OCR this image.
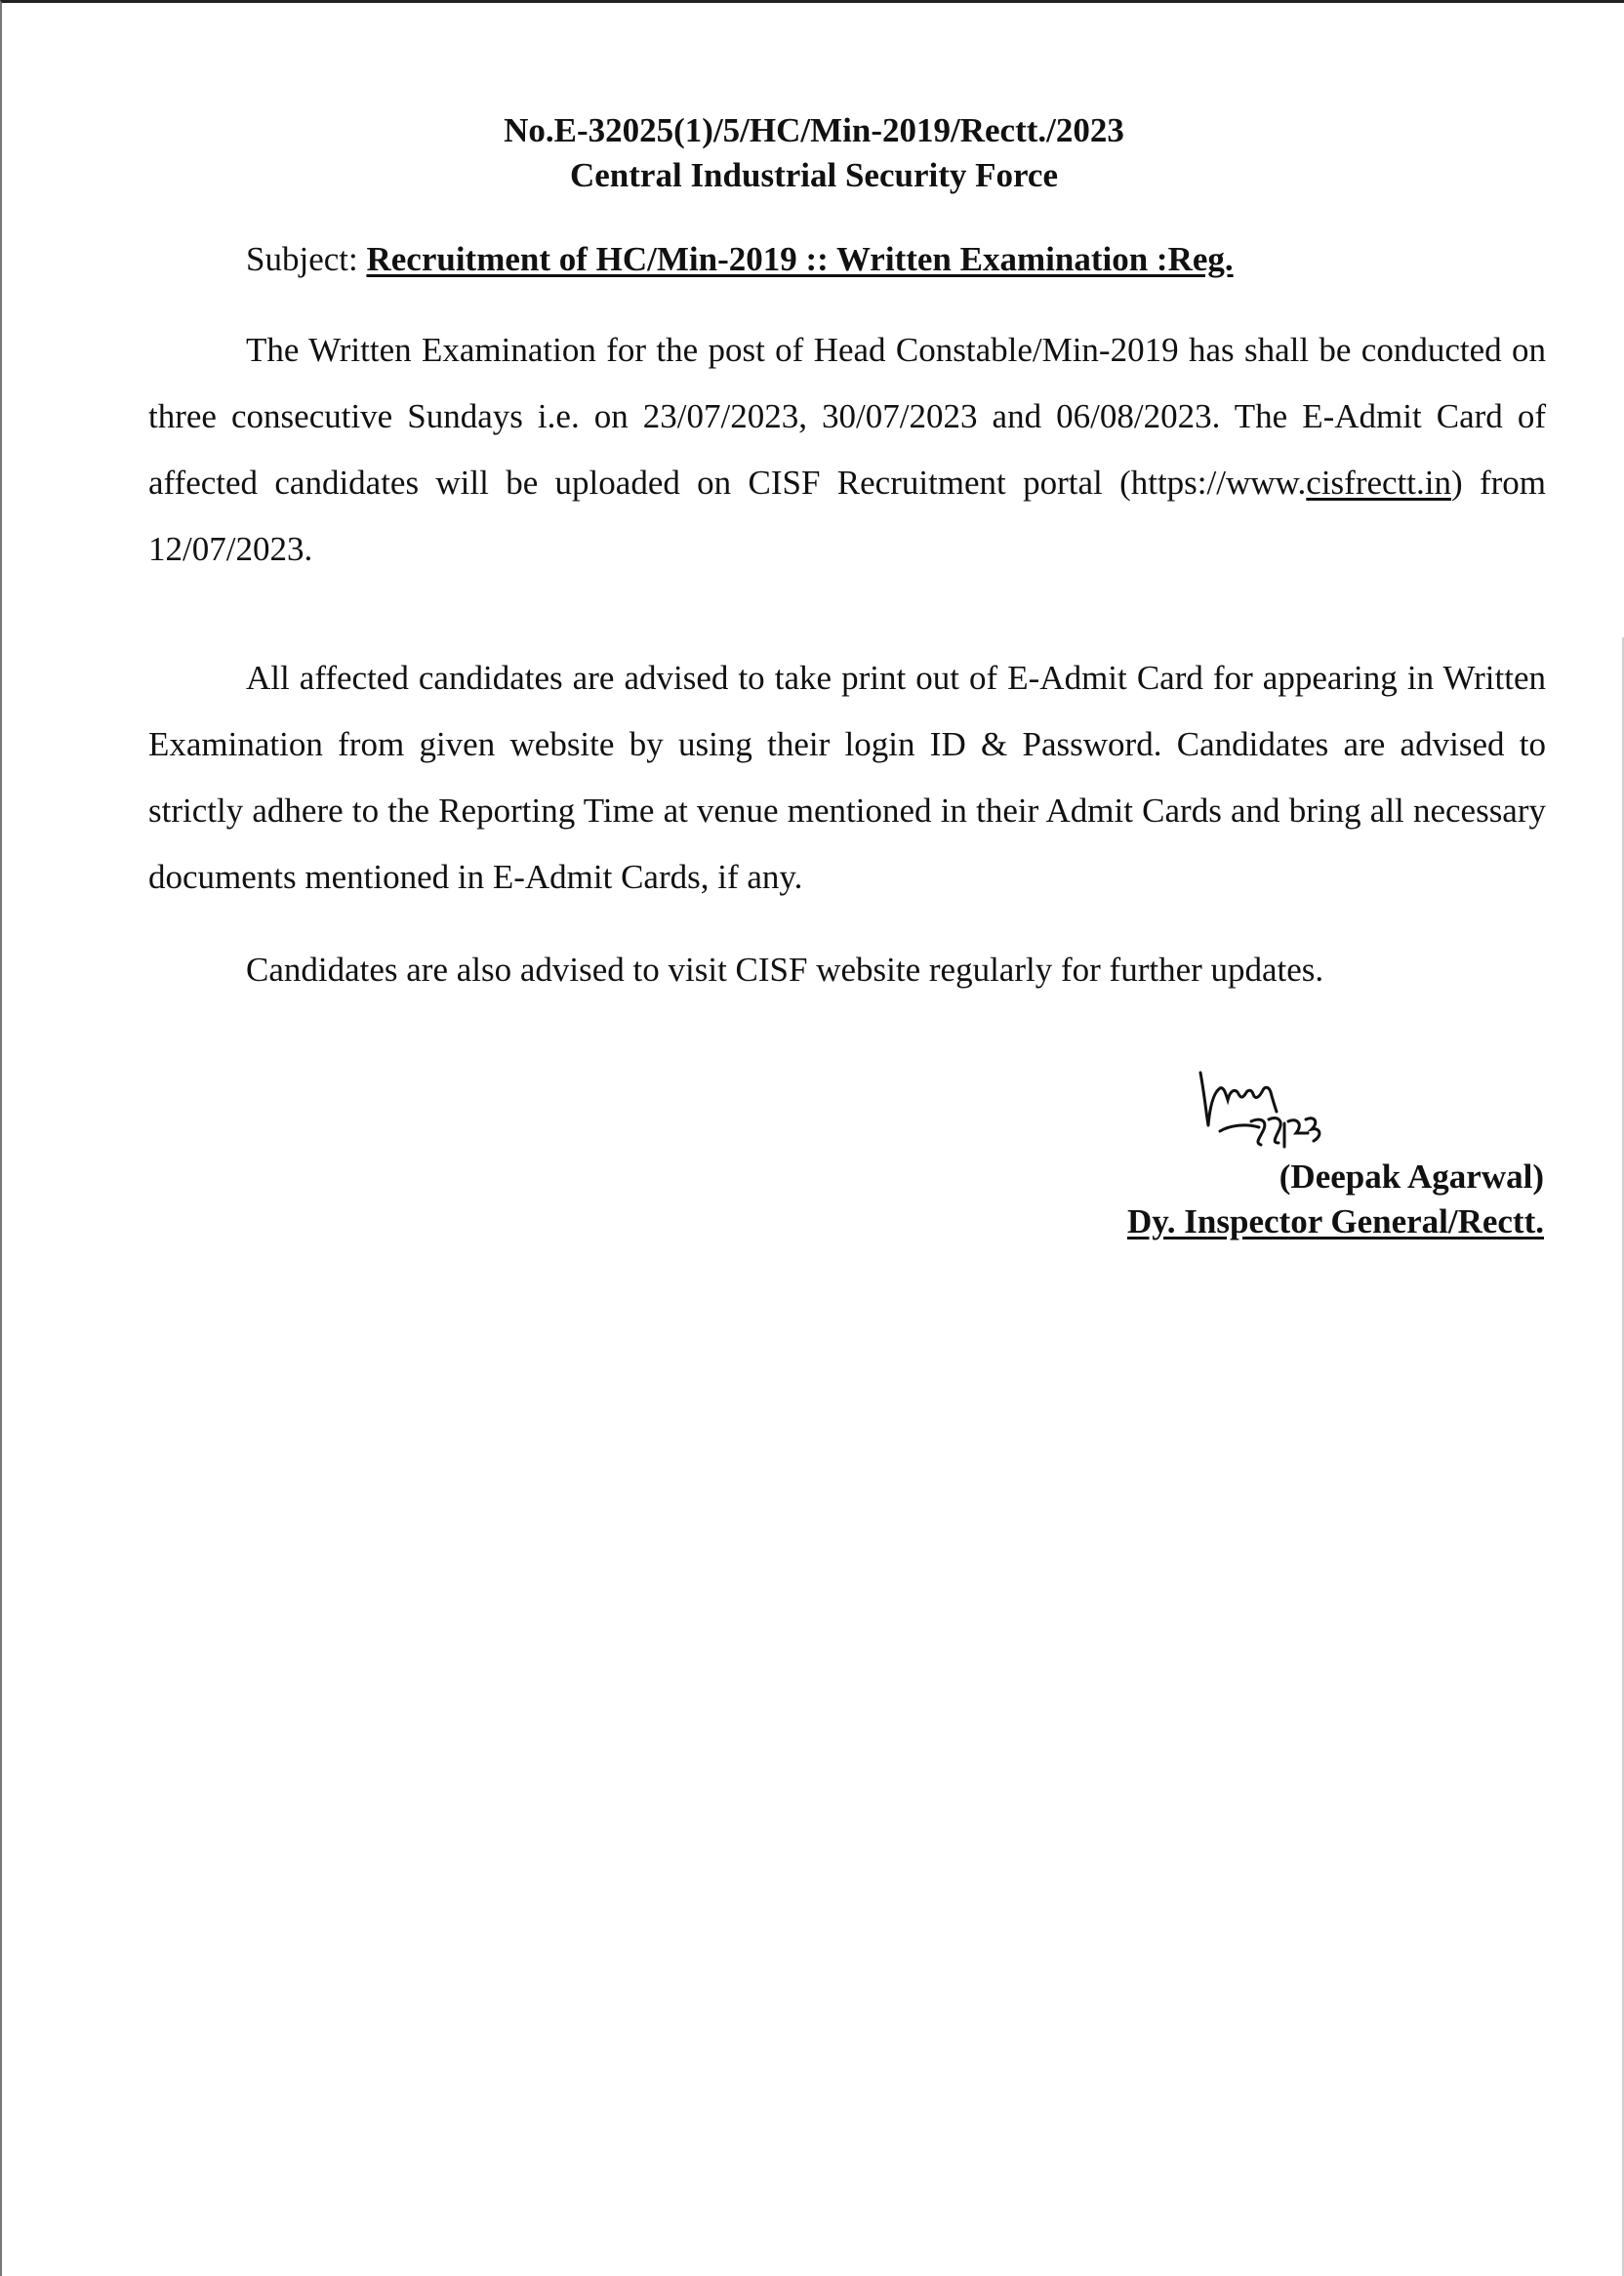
No.E-32025(1)/5/HC/Min-2019/Rectt./2023
Central Industrial Security Force
Subject: Recruitment of HC/Min-2019 :: Written Examination :Reg.
The Written Examination for the post of Head Constable/Min-2019 has shall be conducted on three consecutive Sundays i.e. on 23/07/2023, 30/07/2023 and 06/08/2023. The E-Admit Card of affected candidates will be uploaded on CISF Recruitment portal (https://www.cisfrectt.in) from 12/07/2023.
All affected candidates are advised to take print out of E-Admit Card for appearing in Written Examination from given website by using their login ID & Password. Candidates are advised to strictly adhere to the Reporting Time at venue mentioned in their Admit Cards and bring all necessary documents mentioned in E-Admit Cards, if any.
Candidates are also advised to visit CISF website regularly for further updates.
(Deepak Agarwal)
Dy. Inspector General/Rectt.
